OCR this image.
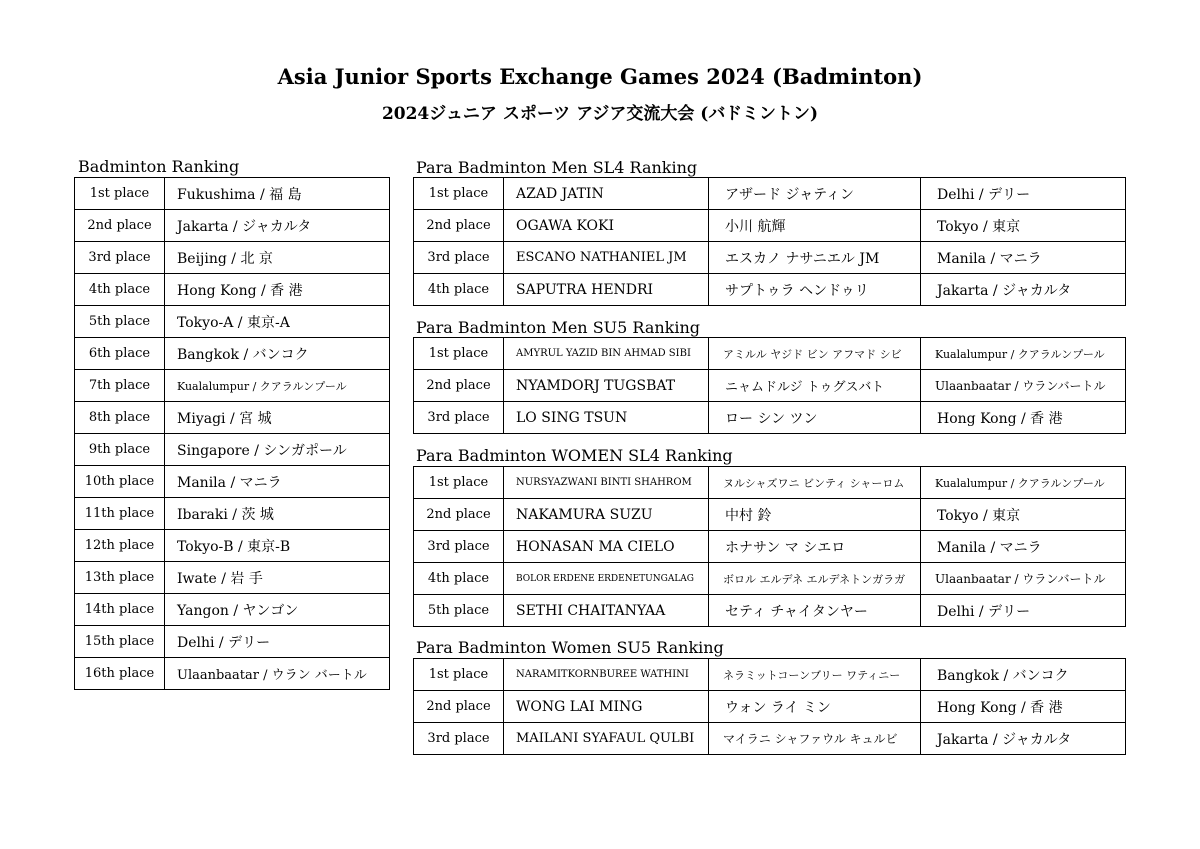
Asia Junior Sports Exchange Games 2024 (Badminton)
2024ジュニア スポーツ アジア交流大会 (バドミントン)
Badminton Ranking
1st place	Fukushima / 福 島
2nd place	Jakarta / ジャカルタ
3rd place	Beijing / 北 京
4th place	Hong Kong / 香 港
5th place	Tokyo-A / 東京-A
6th place	Bangkok / バンコク
7th place	Kualalumpur / クアラルンプール
8th place	Miyagi / 宮 城
9th place	Singapore / シンガポール
10th place	Manila / マニラ
11th place	Ibaraki / 茨 城
12th place	Tokyo-B / 東京-B
13th place	Iwate / 岩 手
14th place	Yangon / ヤンゴン
15th place	Delhi / デリー
16th place	Ulaanbaatar / ウラン バートル
Para Badminton Men SL4 Ranking
1st place	AZAD JATIN	アザード ジャティン	Delhi / デリー
2nd place	OGAWA KOKI	小川 航輝	Tokyo / 東京
3rd place	ESCANO NATHANIEL JM	エスカノ ナサニエル JM	Manila / マニラ
4th place	SAPUTRA HENDRI	サプトゥラ ヘンドゥリ	Jakarta / ジャカルタ
Para Badminton Men SU5 Ranking
1st place	AMYRUL YAZID BIN AHMAD SIBI	アミルル ヤジド ビン アフマド シビ	Kualalumpur / クアラルンプール
2nd place	NYAMDORJ TUGSBAT	ニャムドルジ トゥグスバト	Ulaanbaatar / ウランバートル
3rd place	LO SING TSUN	ロー シン ツン	Hong Kong / 香 港
Para Badminton WOMEN SL4 Ranking
1st place	NURSYAZWANI BINTI SHAHROM	ヌルシャズワニ ビンティ シャーロム	Kualalumpur / クアラルンプール
2nd place	NAKAMURA SUZU	中村 鈴	Tokyo / 東京
3rd place	HONASAN MA CIELO	ホナサン マ シエロ	Manila / マニラ
4th place	BOLOR ERDENE ERDENETUNGALAG	ボロル エルデネ エルデネトンガラガ	Ulaanbaatar / ウランバートル
5th place	SETHI CHAITANYAA	セティ チャイタンヤー	Delhi / デリー
Para Badminton Women SU5 Ranking
1st place	NARAMITKORNBUREE WATHINI	ネラミットコーンブリー ワティニー	Bangkok / バンコク
2nd place	WONG LAI MING	ウォン ライ ミン	Hong Kong / 香 港
3rd place	MAILANI SYAFAUL QULBI	マイラニ シャファウル キュルビ	Jakarta / ジャカルタ
